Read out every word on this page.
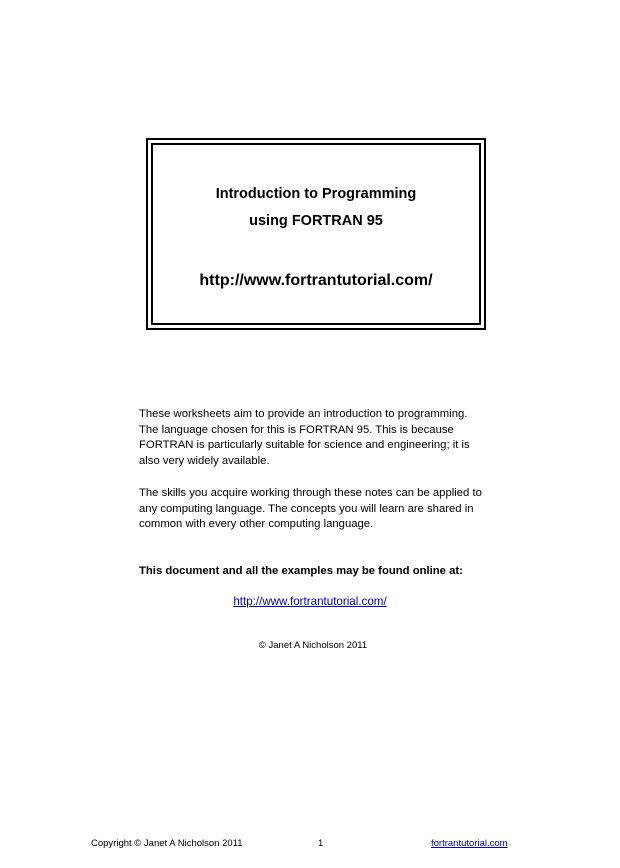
Introduction to Programming
using FORTRAN 95
http://www.fortrantutorial.com/

These worksheets aim to provide an introduction to programming. The language chosen for this is FORTRAN 95. This is because FORTRAN is particularly suitable for science and engineering; it is also very widely available.

The skills you acquire working through these notes can be applied to any computing language. The concepts you will learn are shared in common with every other computing language.

This document and all the examples may be found online at:
http://www.fortrantutorial.com/
© Janet A Nicholson 2011
Copyright © Janet A Nicholson 2011	1	fortrantutorial.com
